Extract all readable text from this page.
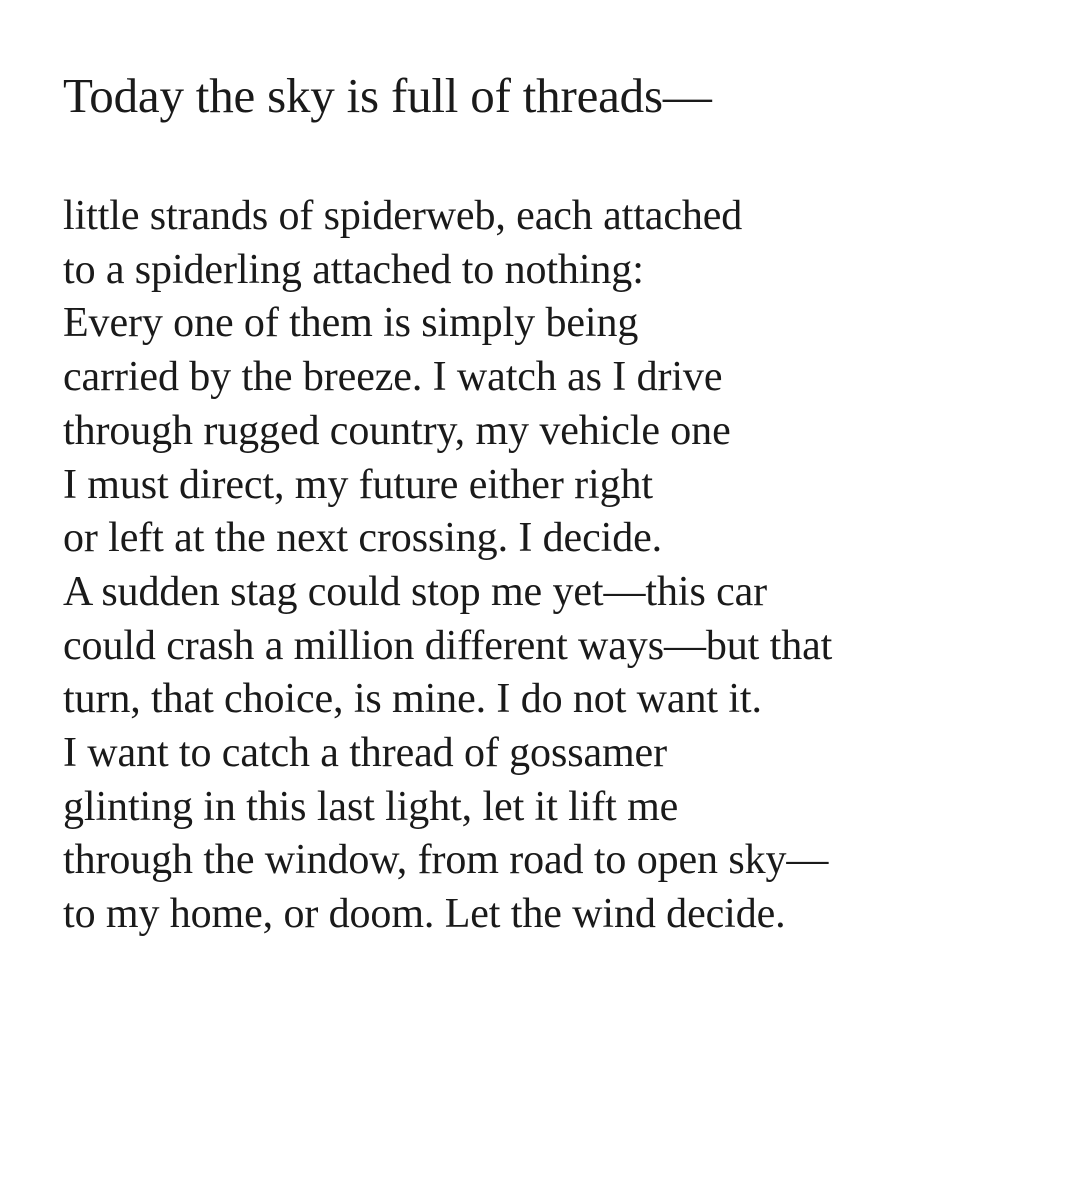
Today the sky is full of threads—
little strands of spiderweb, each attached
to a spiderling attached to nothing:
Every one of them is simply being
carried by the breeze. I watch as I drive
through rugged country, my vehicle one
I must direct, my future either right
or left at the next crossing. I decide.
A sudden stag could stop me yet—this car
could crash a million different ways—but that
turn, that choice, is mine. I do not want it.
I want to catch a thread of gossamer
glinting in this last light, let it lift me
through the window, from road to open sky—
to my home, or doom. Let the wind decide.
